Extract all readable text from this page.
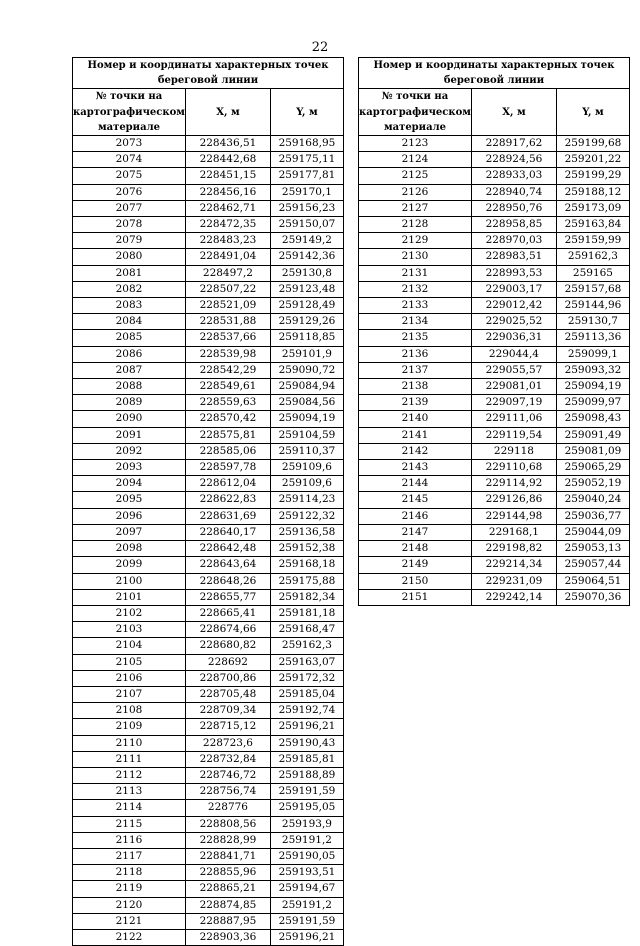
22
Номер и координаты характерных точек береговой линии		
№ точки на картографическом материале	X, м	Y, м
2073	228436,51	259168,95
2074	228442,68	259175,11
2075	228451,15	259177,81
2076	228456,16	259170,1
2077	228462,71	259156,23
2078	228472,35	259150,07
2079	228483,23	259149,2
2080	228491,04	259142,36
2081	228497,2	259130,8
2082	228507,22	259123,48
2083	228521,09	259128,49
2084	228531,88	259129,26
2085	228537,66	259118,85
2086	228539,98	259101,9
2087	228542,29	259090,72
2088	228549,61	259084,94
2089	228559,63	259084,56
2090	228570,42	259094,19
2091	228575,81	259104,59
2092	228585,06	259110,37
2093	228597,78	259109,6
2094	228612,04	259109,6
2095	228622,83	259114,23
2096	228631,69	259122,32
2097	228640,17	259136,58
2098	228642,48	259152,38
2099	228643,64	259168,18
2100	228648,26	259175,88
2101	228655,77	259182,34
2102	228665,41	259181,18
2103	228674,66	259168,47
2104	228680,82	259162,3
2105	228692	259163,07
2106	228700,86	259172,32
2107	228705,48	259185,04
2108	228709,34	259192,74
2109	228715,12	259196,21
2110	228723,6	259190,43
2111	228732,84	259185,81
2112	228746,72	259188,89
2113	228756,74	259191,59
2114	228776	259195,05
2115	228808,56	259193,9
2116	228828,99	259191,2
2117	228841,71	259190,05
2118	228855,96	259193,51
2119	228865,21	259194,67
2120	228874,85	259191,2
2121	228887,95	259191,59
2122	228903,36	259196,21
Номер и координаты характерных точек береговой линии		
№ точки на картографическом материале	X, м	Y, м
2123	228917,62	259199,68
2124	228924,56	259201,22
2125	228933,03	259199,29
2126	228940,74	259188,12
2127	228950,76	259173,09
2128	228958,85	259163,84
2129	228970,03	259159,99
2130	228983,51	259162,3
2131	228993,53	259165
2132	229003,17	259157,68
2133	229012,42	259144,96
2134	229025,52	259130,7
2135	229036,31	259113,36
2136	229044,4	259099,1
2137	229055,57	259093,32
2138	229081,01	259094,19
2139	229097,19	259099,97
2140	229111,06	259098,43
2141	229119,54	259091,49
2142	229118	259081,09
2143	229110,68	259065,29
2144	229114,92	259052,19
2145	229126,86	259040,24
2146	229144,98	259036,77
2147	229168,1	259044,09
2148	229198,82	259053,13
2149	229214,34	259057,44
2150	229231,09	259064,51
2151	229242,14	259070,36
